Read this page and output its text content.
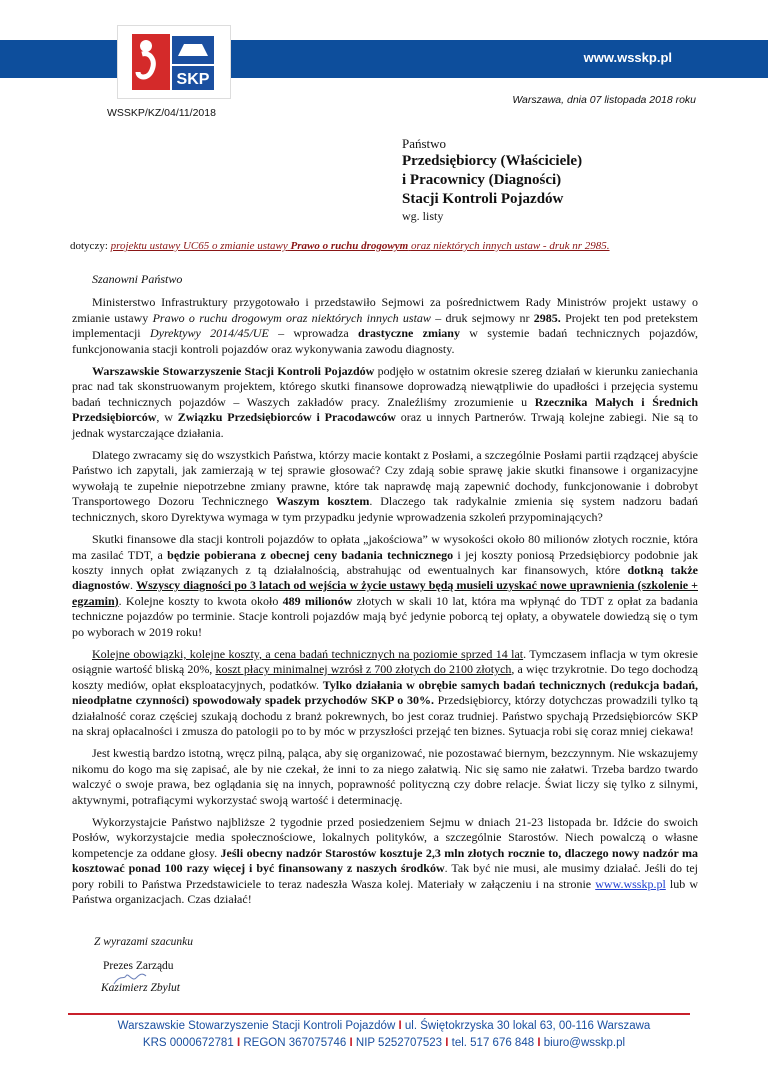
www.wsskp.pl
SKP
WSSKP/KZ/04/11/2018
Warszawa, dnia 07 listopada 2018 roku

Państwo

Przedsiębiorcy (Właściciele)

i Pracownicy (Diagności)

Stacji Kontroli Pojazdów

wg. listy

dotyczy: projektu ustawy UC65 o zmianie ustawy Prawo o ruchu drogowym oraz niektórych innych ustaw - druk nr 2985.

Szanowni Państwo

Ministerstwo Infrastruktury przygotowało i przedstawiło Sejmowi za pośrednictwem Rady Ministrów projekt ustawy o zmianie ustawy Prawo o ruchu drogowym oraz niektórych innych ustaw – druk sejmowy nr 2985. Projekt ten pod pretekstem implementacji Dyrektywy 2014/45/UE – wprowadza drastyczne zmiany w systemie badań technicznych pojazdów, funkcjonowania stacji kontroli pojazdów oraz wykonywania zawodu diagnosty.

Warszawskie Stowarzyszenie Stacji Kontroli Pojazdów podjęło w ostatnim okresie szereg działań w kierunku zaniechania prac nad tak skonstruowanym projektem, którego skutki finansowe doprowadzą niewątpliwie do upadłości i przejęcia systemu badań technicznych pojazdów – Waszych zakładów pracy. Znaleźliśmy zrozumienie u Rzecznika Małych i Średnich Przedsiębiorców, w Związku Przedsiębiorców i Pracodawców oraz u innych Partnerów. Trwają kolejne zabiegi. Nie są to jednak wystarczające działania.

Dlatego zwracamy się do wszystkich Państwa, którzy macie kontakt z Posłami, a szczególnie Posłami partii rządzącej abyście Państwo ich zapytali, jak zamierzają w tej sprawie głosować? Czy zdają sobie sprawę jakie skutki finansowe i organizacyjne wywołają te zupełnie niepotrzebne zmiany prawne, które tak naprawdę mają zapewnić dochody, funkcjonowanie i dobrobyt Transportowego Dozoru Technicznego Waszym kosztem. Dlaczego tak radykalnie zmienia się system nadzoru badań technicznych, skoro Dyrektywa wymaga w tym przypadku jedynie wprowadzenia szkoleń przypominających?

Skutki finansowe dla stacji kontroli pojazdów to opłata „jakościowa” w wysokości około 80 milionów złotych rocznie, która ma zasilać TDT, a będzie pobierana z obecnej ceny badania technicznego i jej koszty poniosą Przedsiębiorcy podobnie jak koszty innych opłat związanych z tą działalnością, abstrahując od ewentualnych kar finansowych, które dotkną także diagnostów. Wszyscy diagności po 3 latach od wejścia w życie ustawy będą musieli uzyskać nowe uprawnienia (szkolenie + egzamin). Kolejne koszty to kwota około 489 milionów złotych w skali 10 lat, która ma wpłynąć do TDT z opłat za badania techniczne pojazdów po terminie. Stacje kontroli pojazdów mają być jedynie poborcą tej opłaty, a obywatele dowiedzą się o tym po wyborach w 2019 roku!

Kolejne obowiązki, kolejne koszty, a cena badań technicznych na poziomie sprzed 14 lat. Tymczasem inflacja w tym okresie osiągnie wartość bliską 20%, koszt płacy minimalnej wzrósł z 700 złotych do 2100 złotych, a więc trzykrotnie. Do tego dochodzą koszty mediów, opłat eksploatacyjnych, podatków. Tylko działania w obrębie samych badań technicznych (redukcja badań, nieodpłatne czynności) spowodowały spadek przychodów SKP o 30%. Przedsiębiorcy, którzy dotychczas prowadzili tylko tą działalność coraz częściej szukają dochodu z branż pokrewnych, bo jest coraz trudniej. Państwo spychają Przedsiębiorców SKP na skraj opłacalności i zmusza do patologii po to by móc w przyszłości przejąć ten biznes. Sytuacja robi się coraz mniej ciekawa!

Jest kwestią bardzo istotną, wręcz pilną, paląca, aby się organizować, nie pozostawać biernym, bezczynnym. Nie wskazujemy nikomu do kogo ma się zapisać, ale by nie czekał, że inni to za niego załatwią. Nic się samo nie załatwi. Trzeba bardzo twardo walczyć o swoje prawa, bez oglądania się na innych, poprawność polityczną czy dobre relacje. Świat liczy się tylko z silnymi, aktywnymi, potrafiącymi wykorzystać swoją wartość i determinację.

Wykorzystajcie Państwo najbliższe 2 tygodnie przed posiedzeniem Sejmu w dniach 21-23 listopada br. Idźcie do swoich Posłów, wykorzystajcie media społecznościowe, lokalnych polityków, a szczególnie Starostów. Niech powalczą o własne kompetencje za oddane głosy. Jeśli obecny nadzór Starostów kosztuje 2,3 mln złotych rocznie to, dlaczego nowy nadzór ma kosztować ponad 100 razy więcej i być finansowany z naszych środków. Tak być nie musi, ale musimy działać. Jeśli do tej pory robili to Państwa Przedstawiciele to teraz nadeszła Wasza kolej. Materiały w załączeniu i na stronie www.wsskp.pl lub w Państwa organizacjach. Czas działać!

Z wyrazami szacunku
Prezes Zarządu
Kazimierz Zbylut
Warszawskie Stowarzyszenie Stacji Kontroli Pojazdów I ul. Świętokrzyska 30 lokal 63, 00-116 Warszawa
KRS 0000672781 I REGON 367075746 I NIP 5252707523 I tel. 517 676 848 I biuro@wsskp.pl
